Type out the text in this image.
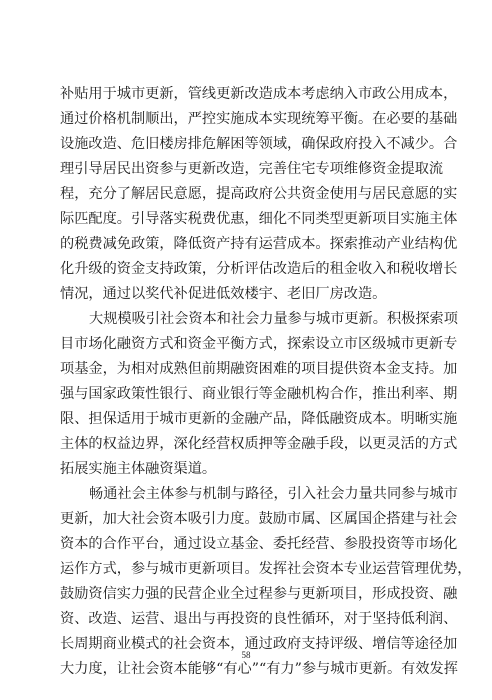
补贴用于城市更新，管线更新改造成本考虑纳入市政公用成本，
通过价格机制顺出，严控实施成本实现统筹平衡。在必要的基础
设施改造、危旧楼房排危解困等领域，确保政府投入不减少。合
理引导居民出资参与更新改造，完善住宅专项维修资金提取流
程，充分了解居民意愿，提高政府公共资金使用与居民意愿的实
际匹配度。引导落实税费优惠，细化不同类型更新项目实施主体
的税费减免政策，降低资产持有运营成本。探索推动产业结构优
化升级的资金支持政策，分析评估改造后的租金收入和税收增长
情况，通过以奖代补促进低效楼宇、老旧厂房改造。
大规模吸引社会资本和社会力量参与城市更新。积极探索项
目市场化融资方式和资金平衡方式，探索设立市区级城市更新专
项基金，为相对成熟但前期融资困难的项目提供资本金支持。加
强与国家政策性银行、商业银行等金融机构合作，推出利率、期
限、担保适用于城市更新的金融产品，降低融资成本。明晰实施
主体的权益边界，深化经营权质押等金融手段，以更灵活的方式
拓展实施主体融资渠道。
畅通社会主体参与机制与路径，引入社会力量共同参与城市
更新，加大社会资本吸引力度。鼓励市属、区属国企搭建与社会
资本的合作平台，通过设立基金、委托经营、参股投资等市场化
运作方式，参与城市更新项目。发挥社会资本专业运营管理优势，
鼓励资信实力强的民营企业全过程参与更新项目，形成投资、融
资、改造、运营、退出与再投资的良性循环，对于坚持低利润、
长周期商业模式的社会资本，通过政府支持评级、增信等途径加
大力度，让社会资本能够“有心”“有力”参与城市更新。有效发挥
58
